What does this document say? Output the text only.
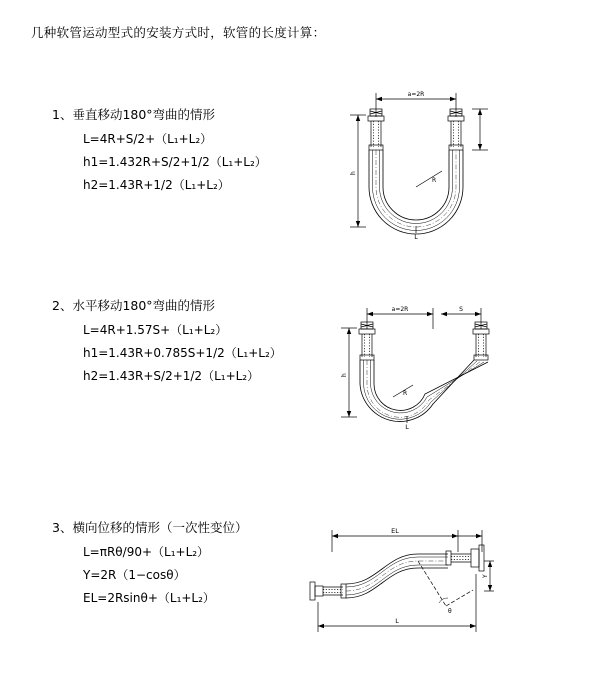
几种软管运动型式的安装方式时，软管的长度计算：
1、垂直移动180°弯曲的情形
L=4R+S/2+（L₁+L₂）
h1=1.432R+S/2+1/2（L₁+L₂）
h2=1.43R+1/2（L₁+L₂）
a=2R
R
h
L
2、水平移动180°弯曲的情形
L=4R+1.57S+（L₁+L₂）
h1=1.43R+0.785S+1/2（L₁+L₂）
h2=1.43R+S/2+1/2（L₁+L₂）
a=2R	S
R
h
L
3、横向位移的情形（一次性变位）
L=πRθ/90+（L₁+L₂）
Y=2R（1−cosθ）
EL=2Rsinθ+（L₁+L₂）
EL
Y
θ
L
